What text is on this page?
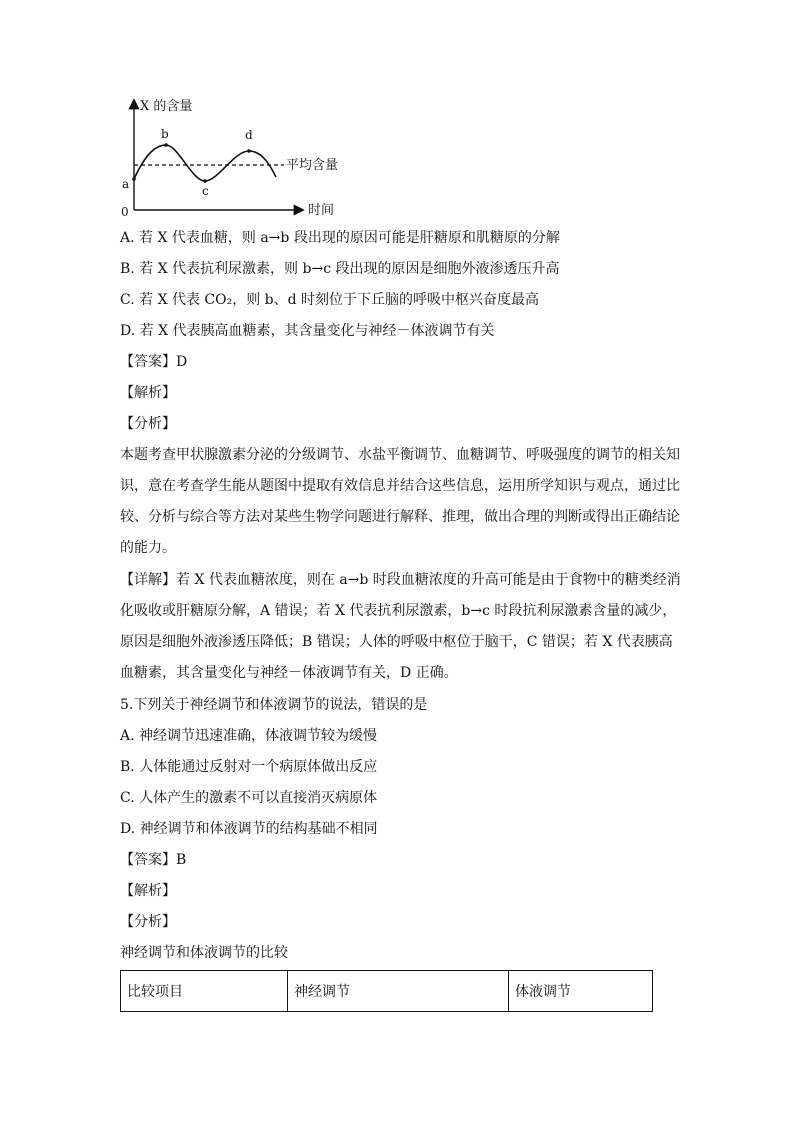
X 的含量
时间
0
平均含量
a
b
c
d
A. 若 X 代表血糖，则 a→b 段出现的原因可能是肝糖原和肌糖原的分解
B. 若 X 代表抗利尿激素，则 b→c 段出现的原因是细胞外液渗透压升高
C. 若 X 代表 CO₂，则 b、d 时刻位于下丘脑的呼吸中枢兴奋度最高
D. 若 X 代表胰高血糖素，其含量变化与神经－体液调节有关
【答案】D
【解析】
【分析】
本题考查甲状腺激素分泌的分级调节、水盐平衡调节、血糖调节、呼吸强度的调节的相关知
识，意在考查学生能从题图中提取有效信息并结合这些信息，运用所学知识与观点，通过比
较、分析与综合等方法对某些生物学问题进行解释、推理，做出合理的判断或得出正确结论
的能力。
【详解】若 X 代表血糖浓度，则在 a→b 时段血糖浓度的升高可能是由于食物中的糖类经消
化吸收或肝糖原分解，A 错误；若 X 代表抗利尿激素，b→c 时段抗利尿激素含量的减少，
原因是细胞外液渗透压降低；B 错误；人体的呼吸中枢位于脑干，C 错误；若 X 代表胰高
血糖素，其含量变化与神经－体液调节有关，D 正确。
5.下列关于神经调节和体液调节的说法，错误的是
A. 神经调节迅速准确，体液调节较为缓慢
B. 人体能通过反射对一个病原体做出反应
C. 人体产生的激素不可以直接消灭病原体
D. 神经调节和体液调节的结构基础不相同
【答案】B
【解析】
【分析】
神经调节和体液调节的比较
比较项目	神经调节	体液调节
